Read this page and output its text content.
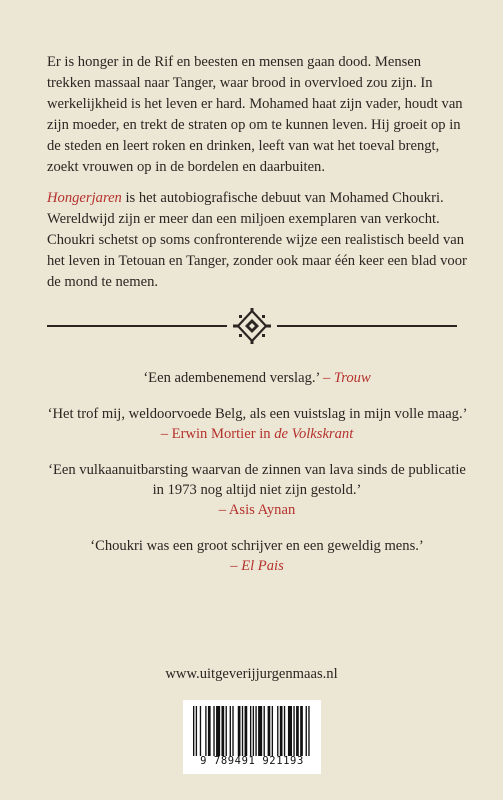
Er is honger in de Rif en beesten en mensen gaan dood. Mensen trekken massaal naar Tanger, waar brood in overvloed zou zijn. In werkelijkheid is het leven er hard. Mohamed haat zijn vader, houdt van zijn moeder, en trekt de straten op om te kunnen leven. Hij groeit op in de steden en leert roken en drinken, leeft van wat het toeval brengt, zoekt vrouwen op in de bordelen en daarbuiten.

Hongerjaren is het autobiografische debuut van Mohamed Choukri. Wereldwijd zijn er meer dan een miljoen exemplaren van verkocht. Choukri schetst op soms confronterende wijze een realistisch beeld van het leven in Tetouan en Tanger, zonder ook maar één keer een blad voor de mond te nemen.

‘Een adembenemend verslag.’ – Trouw

‘Het trof mij, weldoorvoede Belg, als een vuistslag in mijn volle maag.’ – Erwin Mortier in de Volkskrant

‘Een vulkaanuitbarsting waarvan de zinnen van lava sinds de publicatie in 1973 nog altijd niet zijn gestold.’
– Asis Aynan

‘Choukri was een groot schrijver en een geweldig mens.’
– El Pais

www.uitgeverijjurgenmaas.nl

9 789491 921193
